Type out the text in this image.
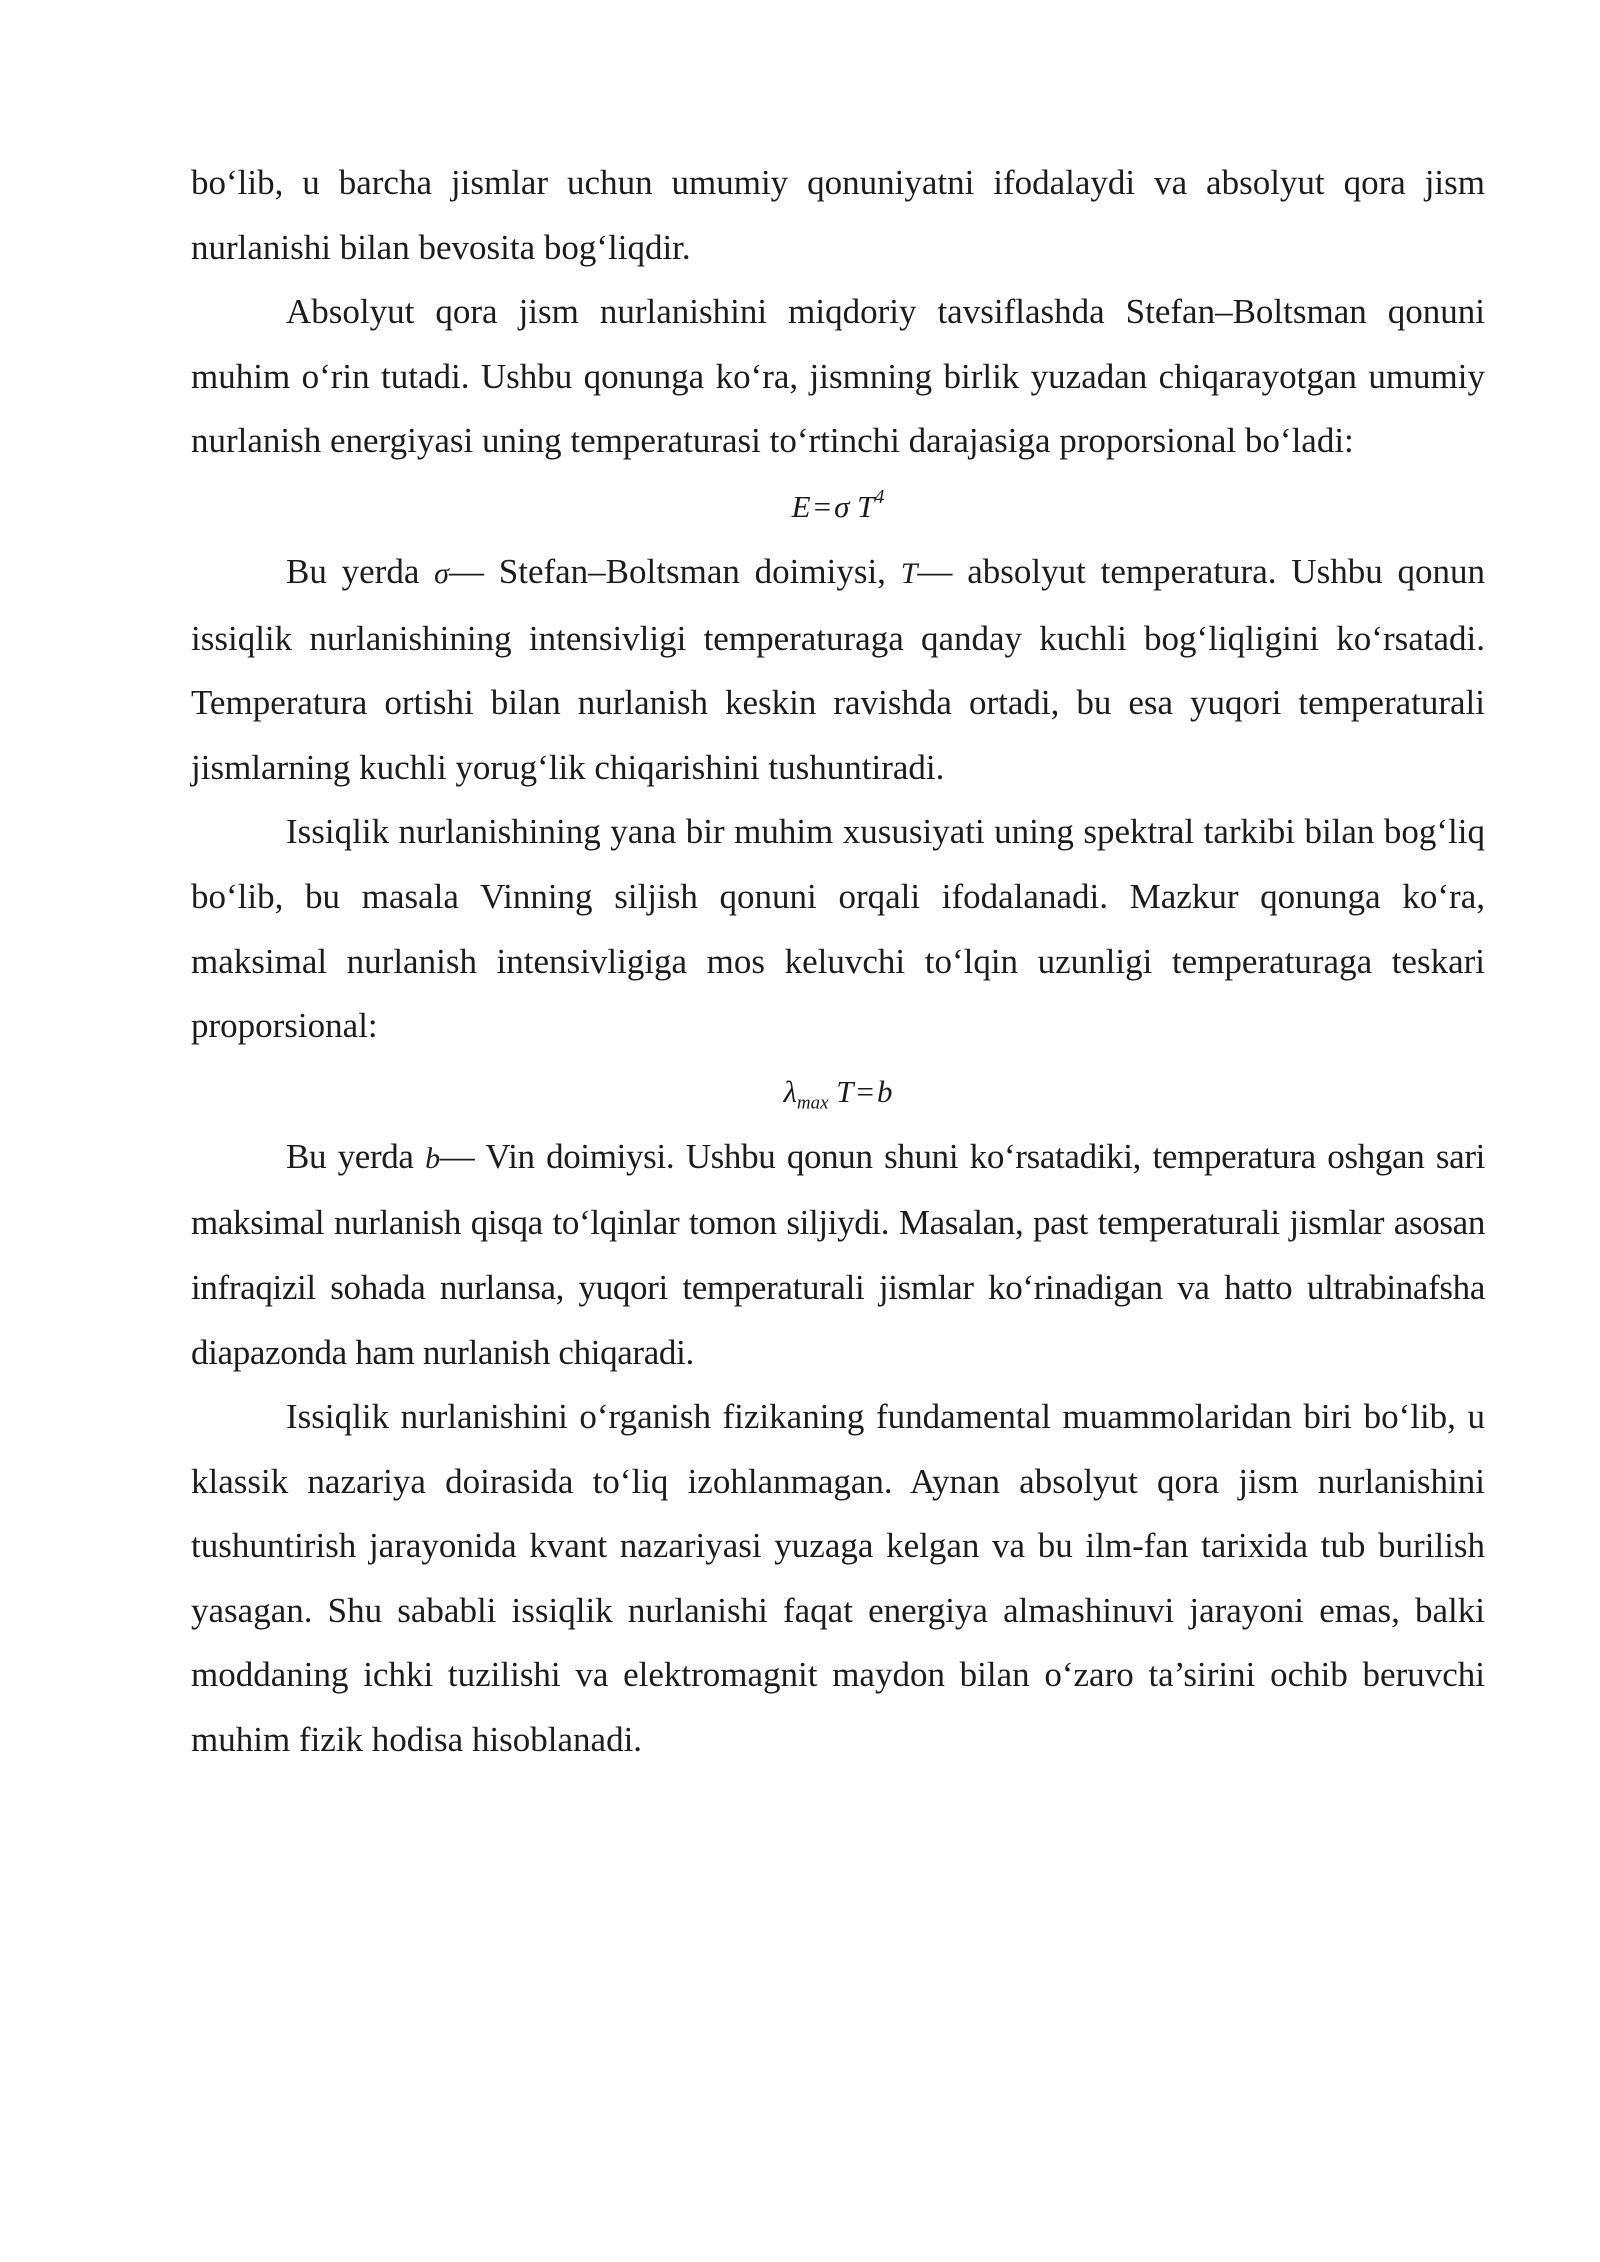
bo‘lib, u barcha jismlar uchun umumiy qonuniyatni ifodalaydi va absolyut qora jism nurlanishi bilan bevosita bog‘liqdir.

Absolyut qora jism nurlanishini miqdoriy tavsiflashda Stefan–Boltsman qonuni muhim o‘rin tutadi. Ushbu qonunga ko‘ra, jismning birlik yuzadan chiqarayotgan umumiy nurlanish energiyasi uning temperaturasi to‘rtinchi darajasiga proporsional bo‘ladi:

E=σ $T^4$

Bu yerda σ— Stefan–Boltsman doimiysi, T— absolyut temperatura. Ushbu qonun issiqlik nurlanishining intensivligi temperaturaga qanday kuchli bog‘liqligini ko‘rsatadi. Temperatura ortishi bilan nurlanish keskin ravishda ortadi, bu esa yuqori temperaturali jismlarning kuchli yorug‘lik chiqarishini tushuntiradi.

Issiqlik nurlanishining yana bir muhim xususiyati uning spektral tarkibi bilan bog‘liq bo‘lib, bu masala Vinning siljish qonuni orqali ifodalanadi. Mazkur qonunga ko‘ra, maksimal nurlanish intensivligiga mos keluvchi to‘lqin uzunligi temperaturaga teskari proporsional:

$\lambda_{max}$ T=b

Bu yerda b— Vin doimiysi. Ushbu qonun shuni ko‘rsatadiki, temperatura oshgan sari maksimal nurlanish qisqa to‘lqinlar tomon siljiydi. Masalan, past temperaturali jismlar asosan infraqizil sohada nurlansa, yuqori temperaturali jismlar ko‘rinadigan va hatto ultrabinafsha diapazonda ham nurlanish chiqaradi.

Issiqlik nurlanishini o‘rganish fizikaning fundamental muammolaridan biri bo‘lib, u klassik nazariya doirasida to‘liq izohlanmagan. Aynan absolyut qora jism nurlanishini tushuntirish jarayonida kvant nazariyasi yuzaga kelgan va bu ilm-fan tarixida tub burilish yasagan. Shu sababli issiqlik nurlanishi faqat energiya almashinuvi jarayoni emas, balki moddaning ichki tuzilishi va elektromagnit maydon bilan o‘zaro ta’sirini ochib beruvchi muhim fizik hodisa hisoblanadi.
